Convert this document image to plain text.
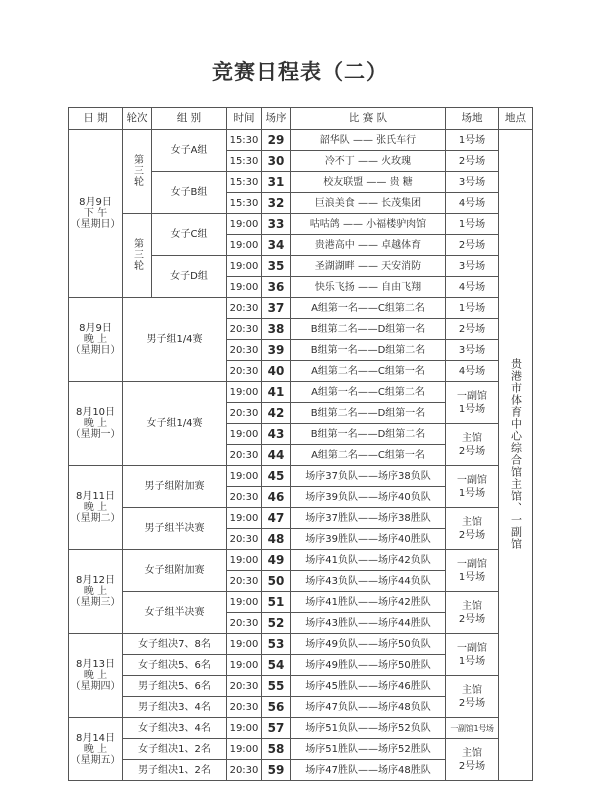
竞赛日程表（二）
日 期	轮次	组 别	时间	场序	比 赛 队	场地	地点

8月9日
下 午
（星期日）	第三轮	女子A组	15:30	29	韶华队 —— 张氏车行	1号场	贵港市体育中心综合馆主馆、一副馆
			15:30	30	冷不丁 —— 火玫瑰	2号场	
		女子B组	15:30	31	校友联盟 —— 贵 糖	3号场	
			15:30	32	巨浪美食 —— 长茂集团	4号场	
	第三轮	女子C组	19:00	33	咕咕鸽 —— 小福楼驴肉馆	1号场	
			19:00	34	贵港高中 —— 卓越体育	2号场	
		女子D组	19:00	35	圣湖湖畔 —— 天安消防	3号场	
			19:00	36	快乐飞扬 —— 自由飞翔	4号场	

8月9日
晚 上
（星期日）	男子组1/4赛		20:30	37	A组第一名——C组第二名	1号场	
			20:30	38	B组第二名——D组第一名	2号场	
			20:30	39	B组第一名——D组第二名	3号场	
			20:30	40	A组第二名——C组第一名	4号场	

8月10日
晚 上
（星期一）	女子组1/4赛		19:00	41	A组第一名——C组第二名	一副馆
1号场	

			20:30	42	B组第二名——D组第一名		
			19:00	43	B组第一名——D组第二名	主馆
2号场	

			20:30	44	A组第二名——C组第一名		

8月11日
晚 上
（星期二）	男子组附加赛		19:00	45	场序37负队——场序38负队	一副馆
1号场	

			20:30	46	场序39负队——场序40负队		
	男子组半决赛		19:00	47	场序37胜队——场序38胜队	主馆
2号场	

			20:30	48	场序39胜队——场序40胜队		

8月12日
晚 上
（星期三）	女子组附加赛		19:00	49	场序41负队——场序42负队	一副馆
1号场	

			20:30	50	场序43负队——场序44负队		
	女子组半决赛		19:00	51	场序41胜队——场序42胜队	主馆
2号场	

			20:30	52	场序43胜队——场序44胜队		

8月13日
晚 上
（星期四）	女子组决7、8名		19:00	53	场序49负队——场序50负队	一副馆
1号场	

	女子组决5、6名		19:00	54	场序49胜队——场序50胜队		
	男子组决5、6名		20:30	55	场序45胜队——场序46胜队	主馆
2号场	

	男子组决3、4名		20:30	56	场序47负队——场序48负队		

8月14日
晚 上
（星期五）	女子组决3、4名		19:00	57	场序51负队——场序52负队	一副馆1号场	
	女子组决1、2名		19:00	58	场序51胜队——场序52胜队	主馆
2号场	

	男子组决1、2名		20:30	59	场序47胜队——场序48胜队		
